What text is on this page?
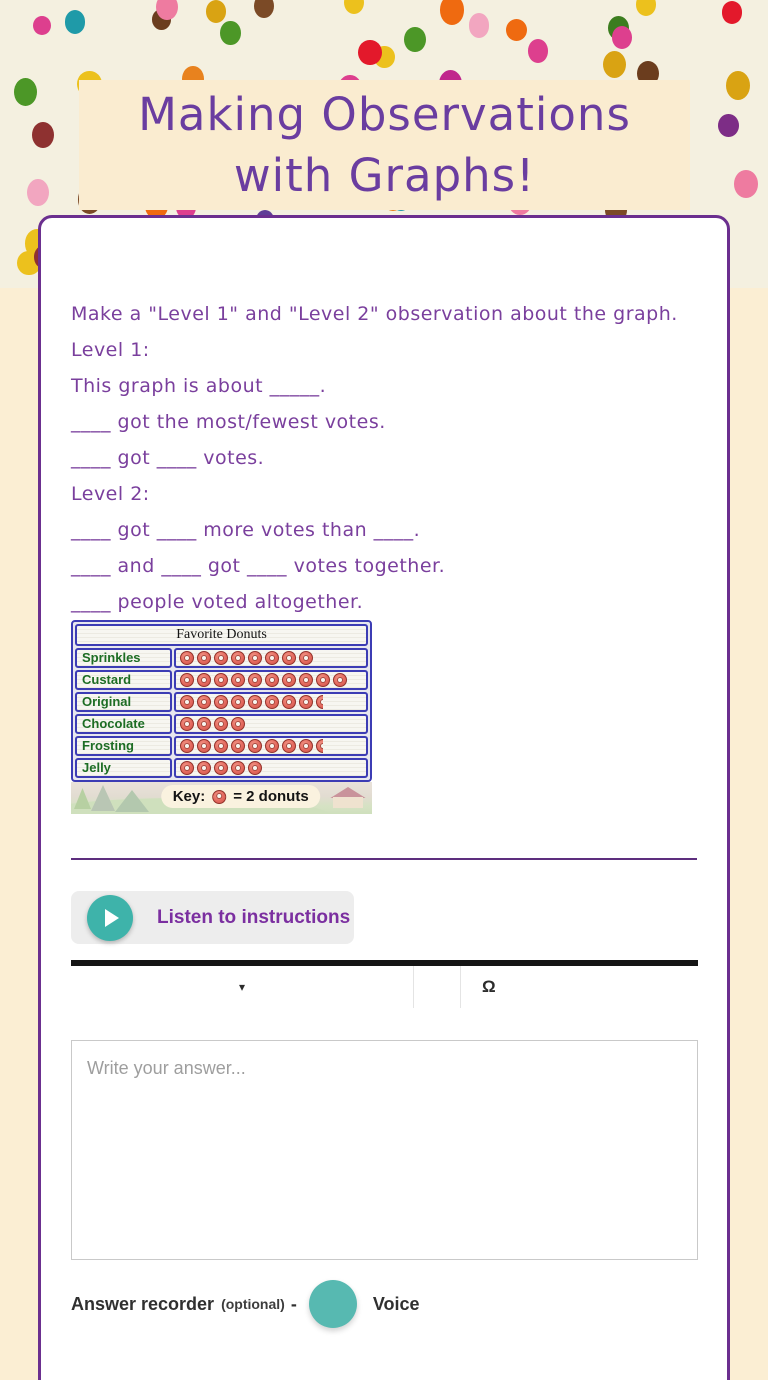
Making Observations
with Graphs!
Make a "Level 1" and "Level 2" observation about the graph.
Level 1:
This graph is about _____.
____ got the most/fewest votes.
____ got ____ votes.
Level 2:
____ got ____ more votes than ____.
____ and ____ got ____ votes together.
____ people voted altogether.
Favorite Donuts
Sprinkles
Custard
Original
Chocolate
Frosting
Jelly
Key: = 2 donuts
Listen to instructions
▾	Ω
Write your answer...
Answer recorder (optional) -	Voice
